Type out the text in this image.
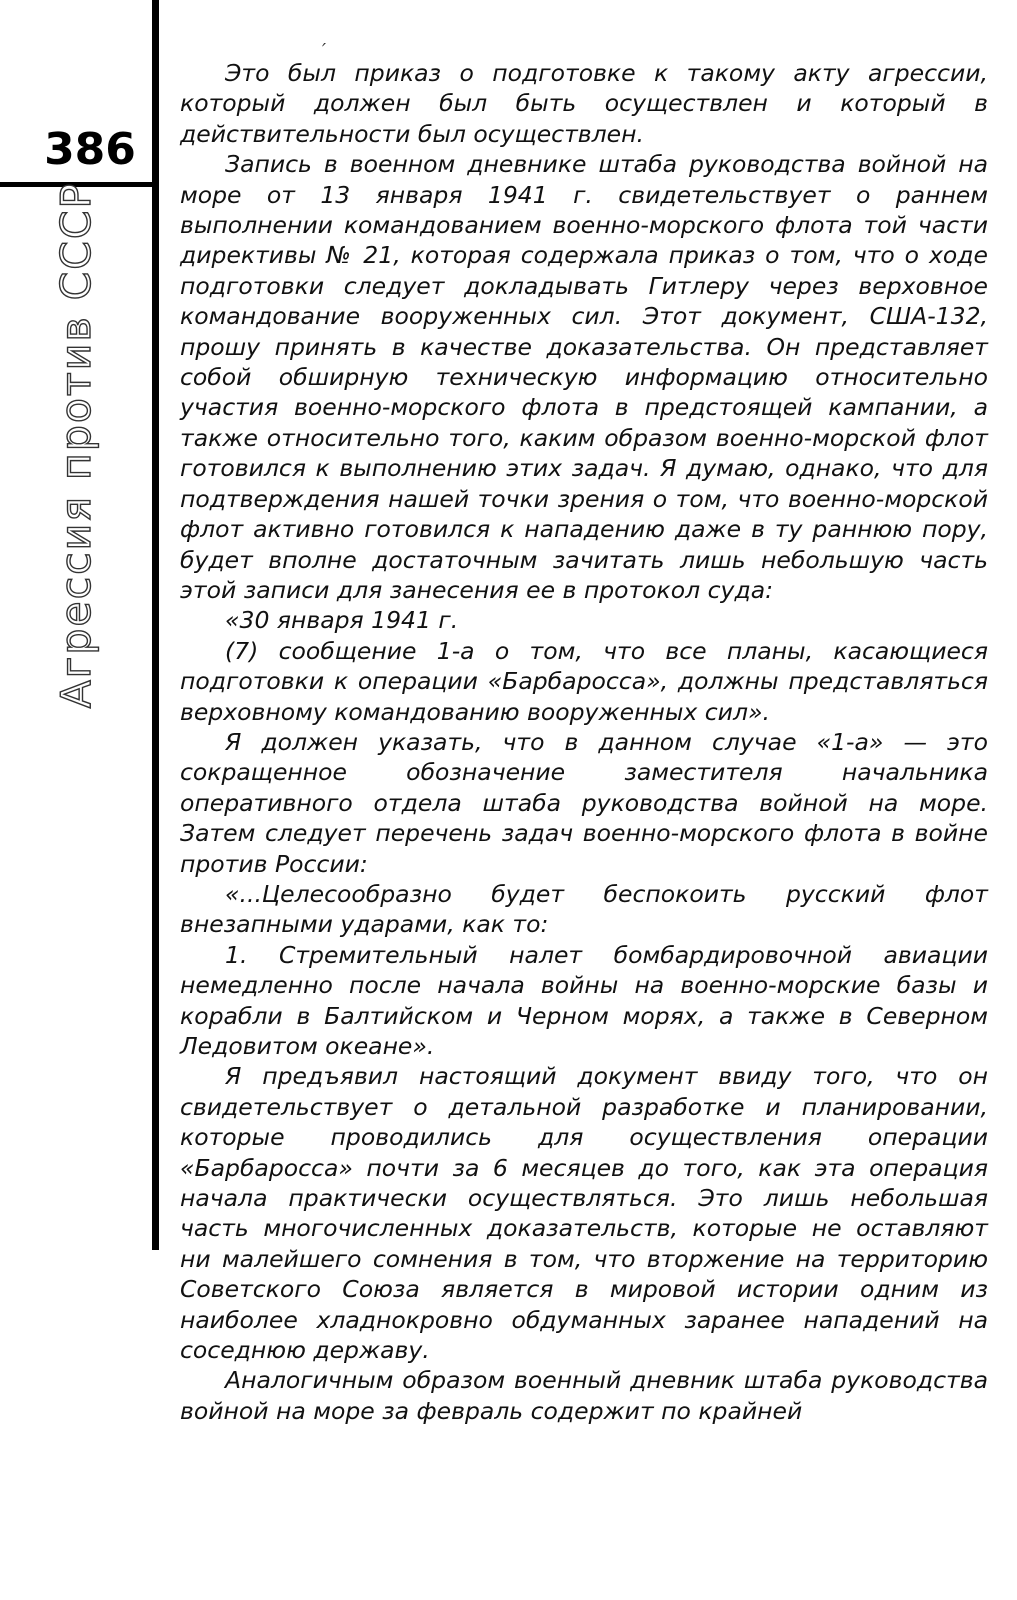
386
Агрессия против СССР
′

Это был приказ о подготовке к такому акту агрессии, который должен был быть осуществлен и который в действительности был осуществлен.

Запись в военном дневнике штаба руководства войной на море от 13 января 1941 г. свидетельствует о раннем выполнении командованием военно-морского флота той части директивы № 21, которая содержала приказ о том, что о ходе подготовки следует докладывать Гитлеру через верховное командование вооруженных сил. Этот документ, США-132, прошу принять в качестве доказательства. Он представляет собой обширную техническую информацию относительно участия военно-морского флота в предстоящей кампании, а также относительно того, каким образом военно-морской флот готовился к выполнению этих задач. Я думаю, однако, что для подтверждения нашей точки зрения о том, что военно-морской флот активно готовился к нападению даже в ту раннюю пору, будет вполне достаточным зачитать лишь небольшую часть этой записи для занесения ее в протокол суда:

«30 января 1941 г.

(7) сообщение 1-а о том, что все планы, касающиеся подготовки к операции «Барбаросса», должны представляться верховному командованию вооруженных сил».

Я должен указать, что в данном случае «1-а» — это сокращенное обозначение заместителя начальника оперативного отдела штаба руководства войной на море. Затем следует перечень задач военно-морского флота в войне против России:

«...Целесообразно будет беспокоить русский флот внезапными ударами, как то:

1. Стремительный налет бомбардировочной авиации немедленно после начала войны на военно-морские базы и корабли в Балтийском и Черном морях, а также в Северном Ледовитом океане».

Я предъявил настоящий документ ввиду того, что он свидетельствует о детальной разработке и планировании, которые проводились для осуществления операции «Барбаросса» почти за 6 месяцев до того, как эта операция начала практически осуществляться. Это лишь небольшая часть многочисленных доказательств, которые не оставляют ни малейшего сомнения в том, что вторжение на территорию Советского Союза является в мировой истории одним из наиболее хладнокровно обдуманных заранее нападений на соседнюю державу.

Аналогичным образом военный дневник штаба руководства войной на море за февраль содержит по крайней
